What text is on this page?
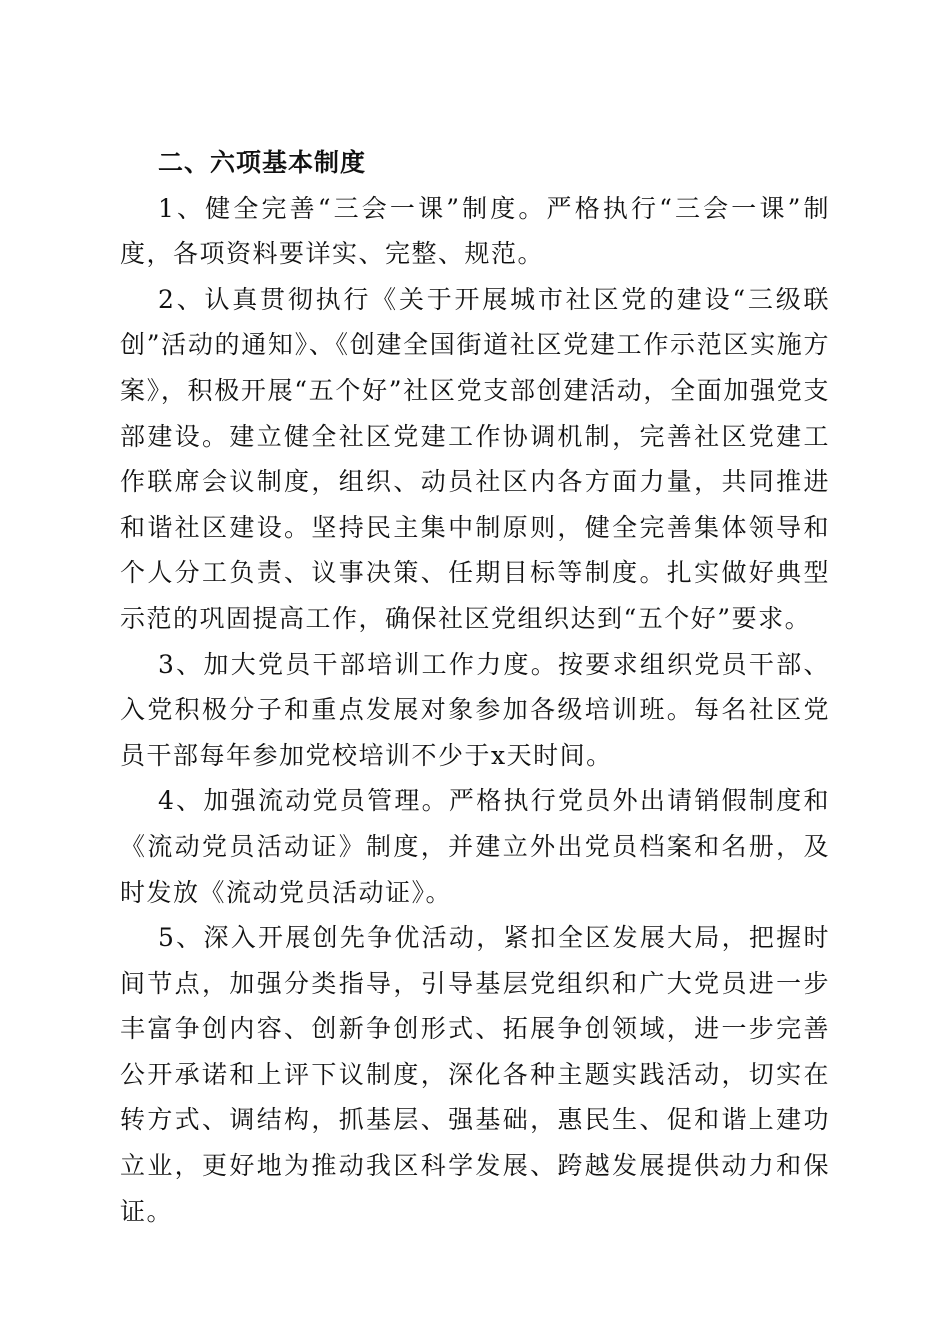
二、六项基本制度

1、健全完善“三会一课”制度。严格执行“三会一课”制度，各项资料要详实、完整、规范。

2、认真贯彻执行《关于开展城市社区党的建设“三级联创”活动的通知》、《创建全国街道社区党建工作示范区实施方案》，积极开展“五个好”社区党支部创建活动，全面加强党支部建设。建立健全社区党建工作协调机制，完善社区党建工作联席会议制度，组织、动员社区内各方面力量，共同推进和谐社区建设。坚持民主集中制原则，健全完善集体领导和个人分工负责、议事决策、任期目标等制度。扎实做好典型示范的巩固提高工作，确保社区党组织达到“五个好”要求。

3、加大党员干部培训工作力度。按要求组织党员干部、入党积极分子和重点发展对象参加各级培训班。每名社区党员干部每年参加党校培训不少于x天时间。

4、加强流动党员管理。严格执行党员外出请销假制度和《流动党员活动证》制度，并建立外出党员档案和名册，及时发放《流动党员活动证》。

5、深入开展创先争优活动，紧扣全区发展大局，把握时间节点，加强分类指导，引导基层党组织和广大党员进一步丰富争创内容、创新争创形式、拓展争创领域，进一步完善公开承诺和上评下议制度，深化各种主题实践活动，切实在转方式、调结构，抓基层、强基础，惠民生、促和谐上建功立业，更好地为推动我区科学发展、跨越发展提供动力和保证。
